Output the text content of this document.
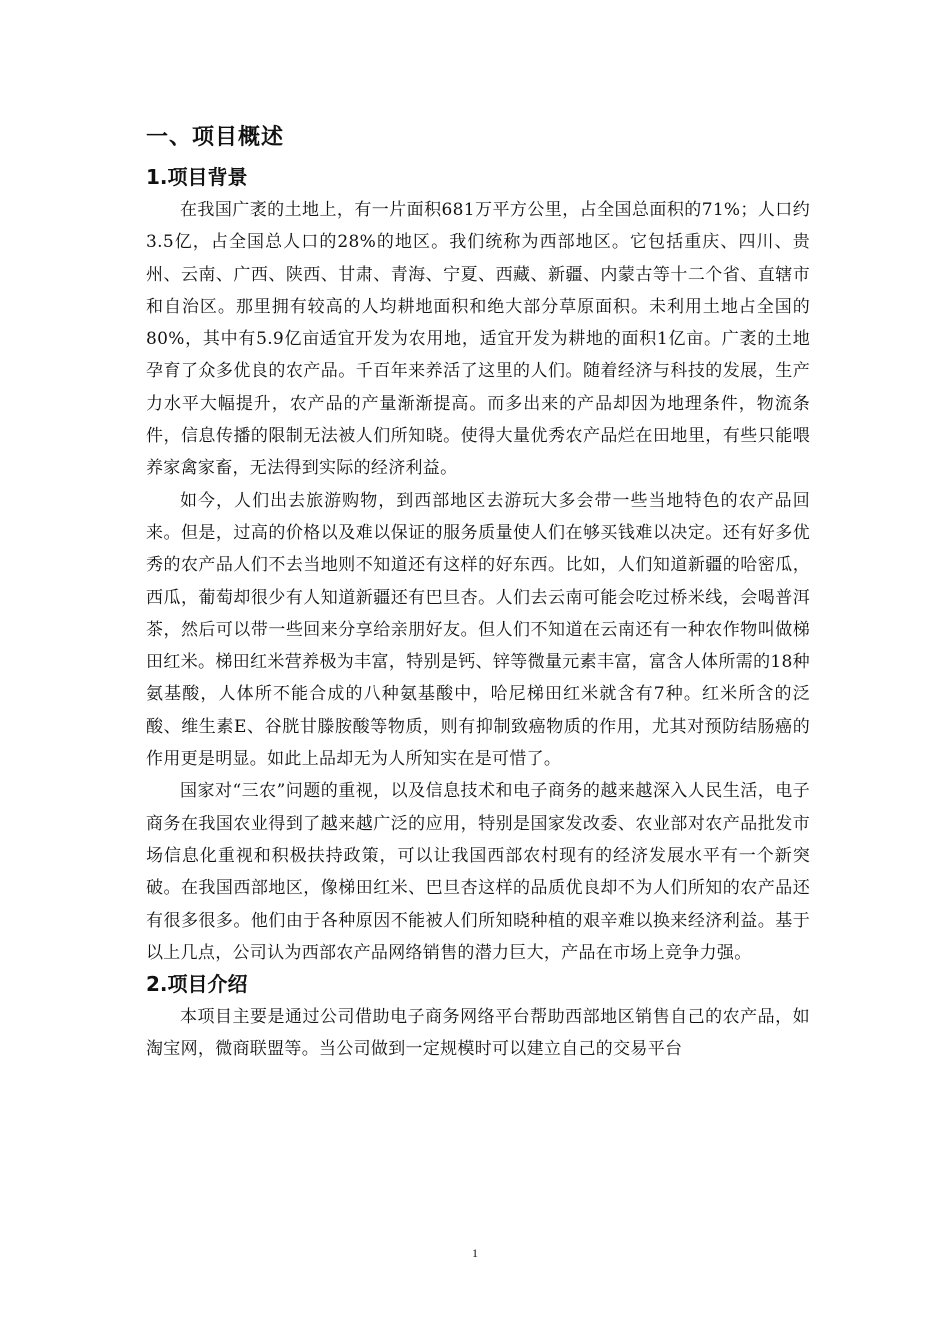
一、项目概述
1.项目背景

在我国广袤的土地上，有一片面积681万平方公里，占全国总面积的71%；人口约3.5亿，占全国总人口的28%的地区。我们统称为西部地区。它包括重庆、四川、贵州、云南、广西、陕西、甘肃、青海、宁夏、西藏、新疆、内蒙古等十二个省、直辖市和自治区。那里拥有较高的人均耕地面积和绝大部分草原面积。未利用土地占全国的80%，其中有5.9亿亩适宜开发为农用地，适宜开发为耕地的面积1亿亩。广袤的土地孕育了众多优良的农产品。千百年来养活了这里的人们。随着经济与科技的发展，生产力水平大幅提升，农产品的产量渐渐提高。而多出来的产品却因为地理条件，物流条件，信息传播的限制无法被人们所知晓。使得大量优秀农产品烂在田地里，有些只能喂养家禽家畜，无法得到实际的经济利益。

如今，人们出去旅游购物，到西部地区去游玩大多会带一些当地特色的农产品回来。但是，过高的价格以及难以保证的服务质量使人们在够买钱难以决定。还有好多优秀的农产品人们不去当地则不知道还有这样的好东西。比如，人们知道新疆的哈密瓜，西瓜，葡萄却很少有人知道新疆还有巴旦杏。人们去云南可能会吃过桥米线，会喝普洱茶，然后可以带一些回来分享给亲朋好友。但人们不知道在云南还有一种农作物叫做梯田红米。梯田红米营养极为丰富，特别是钙、锌等微量元素丰富，富含人体所需的18种氨基酸，人体所不能合成的八种氨基酸中，哈尼梯田红米就含有7种。红米所含的泛酸、维生素E、谷胱甘滕胺酸等物质，则有抑制致癌物质的作用，尤其对预防结肠癌的作用更是明显。如此上品却无为人所知实在是可惜了。

国家对“三农”问题的重视，以及信息技术和电子商务的越来越深入人民生活，电子商务在我国农业得到了越来越广泛的应用，特别是国家发改委、农业部对农产品批发市场信息化重视和积极扶持政策，可以让我国西部农村现有的经济发展水平有一个新突破。在我国西部地区，像梯田红米、巴旦杏这样的品质优良却不为人们所知的农产品还有很多很多。他们由于各种原因不能被人们所知晓种植的艰辛难以换来经济利益。基于以上几点，公司认为西部农产品网络销售的潜力巨大，产品在市场上竞争力强。

2.项目介绍

本项目主要是通过公司借助电子商务网络平台帮助西部地区销售自己的农产品，如淘宝网，微商联盟等。当公司做到一定规模时可以建立自己的交易平台

1
